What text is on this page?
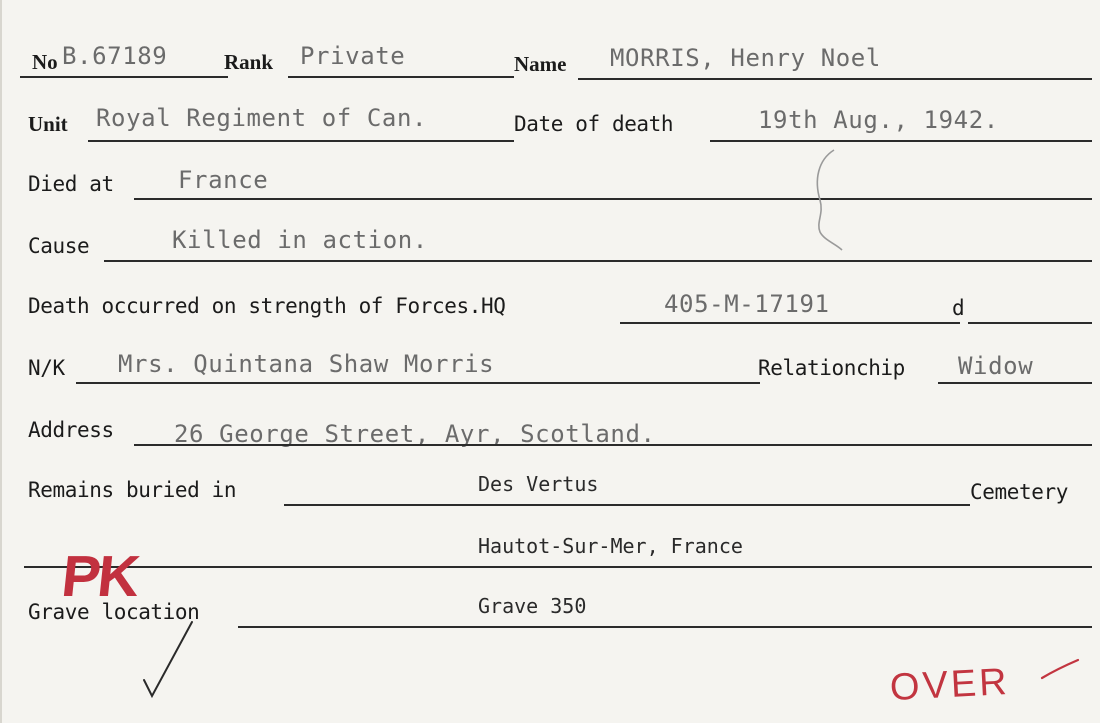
No B.67189	Rank Private	Name MORRIS, Henry Noel
Unit Royal Regiment of Can.	Date of death	19th Aug., 1942.
Died at	France
Cause	Killed in action.
Death occurred on strength of Forces.HQ	405-M-17191	d
N/K Mrs. Quintana Shaw Morris	Relationchip Widow
Address	26 George Street, Ayr, Scotland.
Remains buried in	Des Vertus	Cemetery
Hautot-Sur-Mer, France
PK
Grave location	Grave 350
OVER
